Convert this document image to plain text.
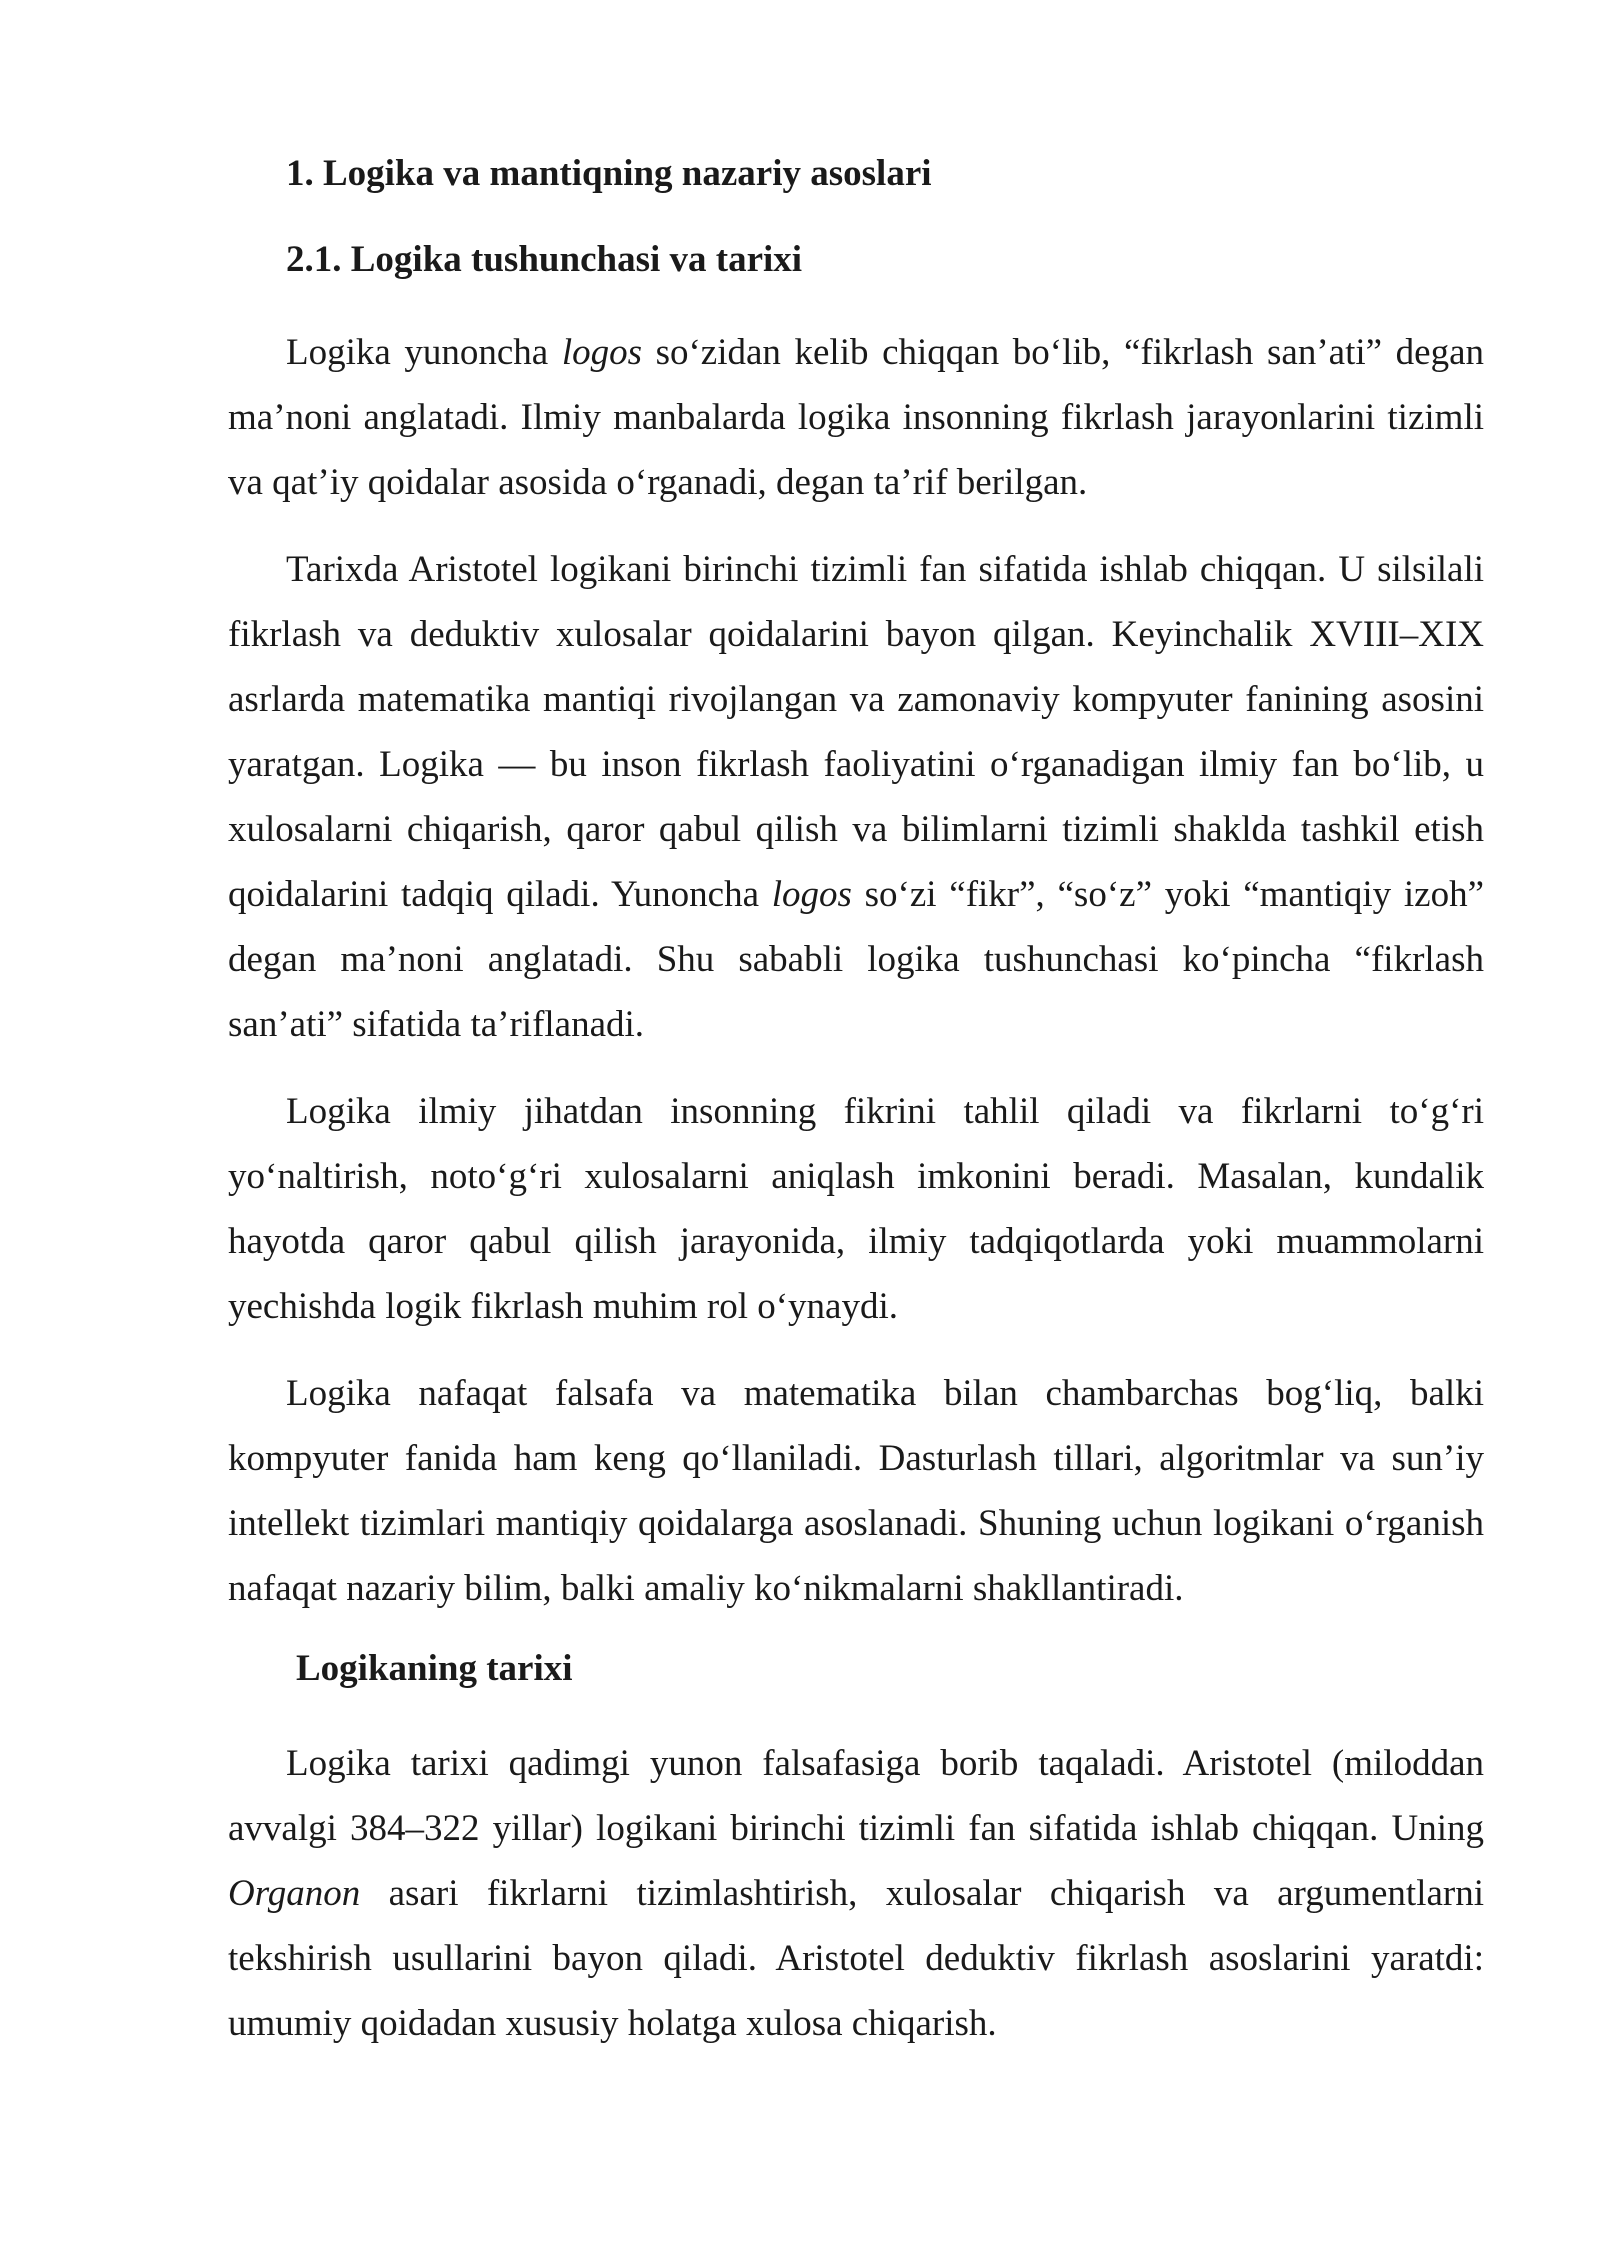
1. Logika va mantiqning nazariy asoslari
2.1. Logika tushunchasi va tarixi

Logika yunoncha logos so‘zidan kelib chiqqan bo‘lib, “fikrlash san’ati” degan ma’noni anglatadi. Ilmiy manbalarda logika insonning fikrlash jarayonlarini tizimli va qat’iy qoidalar asosida o‘rganadi, degan ta’rif berilgan.

Tarixda Aristotel logikani birinchi tizimli fan sifatida ishlab chiqqan. U silsilali fikrlash va deduktiv xulosalar qoidalarini bayon qilgan. Keyinchalik XVIII–XIX asrlarda matematika mantiqi rivojlangan va zamonaviy kompyuter fanining asosini yaratgan. Logika — bu inson fikrlash faoliyatini o‘rganadigan ilmiy fan bo‘lib, u xulosalarni chiqarish, qaror qabul qilish va bilimlarni tizimli shaklda tashkil etish qoidalarini tadqiq qiladi. Yunoncha logos so‘zi “fikr”, “so‘z” yoki “mantiqiy izoh” degan ma’noni anglatadi. Shu sababli logika tushunchasi ko‘pincha “fikrlash san’ati” sifatida ta’riflanadi.

Logika ilmiy jihatdan insonning fikrini tahlil qiladi va fikrlarni to‘g‘ri yo‘naltirish, noto‘g‘ri xulosalarni aniqlash imkonini beradi. Masalan, kundalik hayotda qaror qabul qilish jarayonida, ilmiy tadqiqotlarda yoki muammolarni yechishda logik fikrlash muhim rol o‘ynaydi.

Logika nafaqat falsafa va matematika bilan chambarchas bog‘liq, balki kompyuter fanida ham keng qo‘llaniladi. Dasturlash tillari, algoritmlar va sun’iy intellekt tizimlari mantiqiy qoidalarga asoslanadi. Shuning uchun logikani o‘rganish nafaqat nazariy bilim, balki amaliy ko‘nikmalarni shakllantiradi.

Logikaning tarixi

Logika tarixi qadimgi yunon falsafasiga borib taqaladi. Aristotel (miloddan avvalgi 384–322 yillar) logikani birinchi tizimli fan sifatida ishlab chiqqan. Uning Organon asari fikrlarni tizimlashtirish, xulosalar chiqarish va argumentlarni tekshirish usullarini bayon qiladi. Aristotel deduktiv fikrlash asoslarini yaratdi: umumiy qoidadan xususiy holatga xulosa chiqarish.
